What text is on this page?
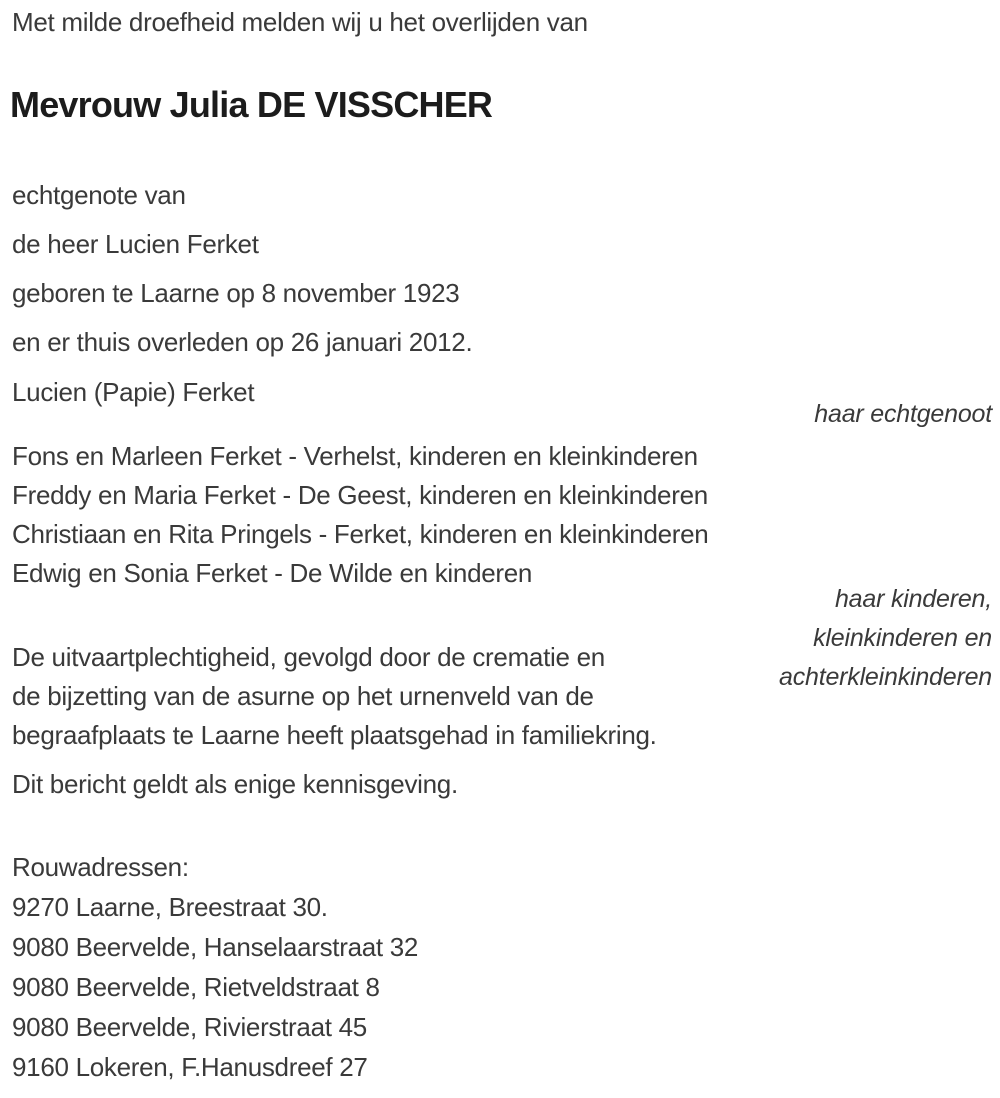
Met milde droefheid melden wij u het overlijden van
Mevrouw Julia DE VISSCHER
echtgenote van
de heer Lucien Ferket
geboren te Laarne op 8 november 1923
en er thuis overleden op 26 januari 2012.
Lucien (Papie) Ferket
haar echtgenoot
Fons en Marleen Ferket - Verhelst, kinderen en kleinkinderen
Freddy en Maria Ferket - De Geest, kinderen en kleinkinderen
Christiaan en Rita Pringels - Ferket, kinderen en kleinkinderen
Edwig en Sonia Ferket - De Wilde en kinderen
haar kinderen,
kleinkinderen en
achterkleinkinderen
De uitvaartplechtigheid, gevolgd door de crematie en
de bijzetting van de asurne op het urnenveld van de
begraafplaats te Laarne heeft plaatsgehad in familiekring.
Dit bericht geldt als enige kennisgeving.
Rouwadressen:
9270 Laarne, Breestraat 30.
9080 Beervelde, Hanselaarstraat 32
9080 Beervelde, Rietveldstraat 8
9080 Beervelde, Rivierstraat 45
9160 Lokeren, F.Hanusdreef 27
